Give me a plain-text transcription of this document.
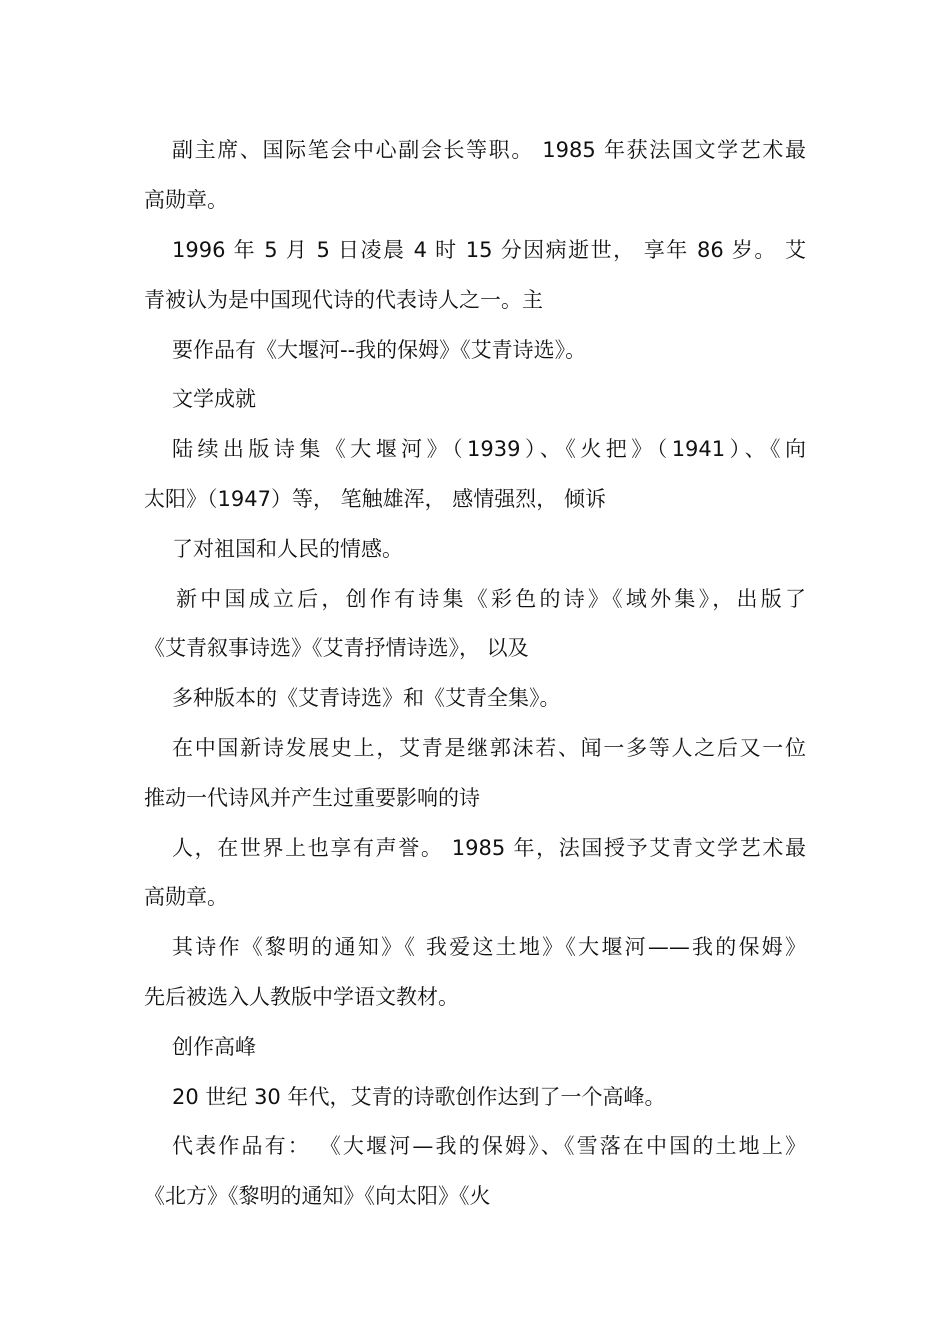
副主席、国际笔会中心副会长等职。 1985 年获法国文学艺术最
高勋章。
1996 年 5 月 5 日凌晨 4 时 15 分因病逝世， 享年 86 岁。 艾
青被认为是中国现代诗的代表诗人之一。主
要作品有《大堰河--我的保姆》《艾青诗选》。
文学成就
陆续出版诗集《大堰河》（1939）、《火把》（1941）、《向
太阳》（1947）等， 笔触雄浑， 感情强烈， 倾诉
了对祖国和人民的情感。
新中国成立后，创作有诗集《彩色的诗》《域外集》，出版了
《艾青叙事诗选》《艾青抒情诗选》， 以及
多种版本的《艾青诗选》和《艾青全集》。
在中国新诗发展史上，艾青是继郭沫若、闻一多等人之后又一位
推动一代诗风并产生过重要影响的诗
人，在世界上也享有声誉。 1985 年，法国授予艾青文学艺术最
高勋章。
其诗作《黎明的通知》《 我爱这土地》《大堰河——我的保姆》
先后被选入人教版中学语文教材。
创作高峰
20 世纪 30 年代，艾青的诗歌创作达到了一个高峰。
代表作品有： 《大堰河—我的保姆》、《雪落在中国的土地上》
《北方》《黎明的通知》《向太阳》《火
